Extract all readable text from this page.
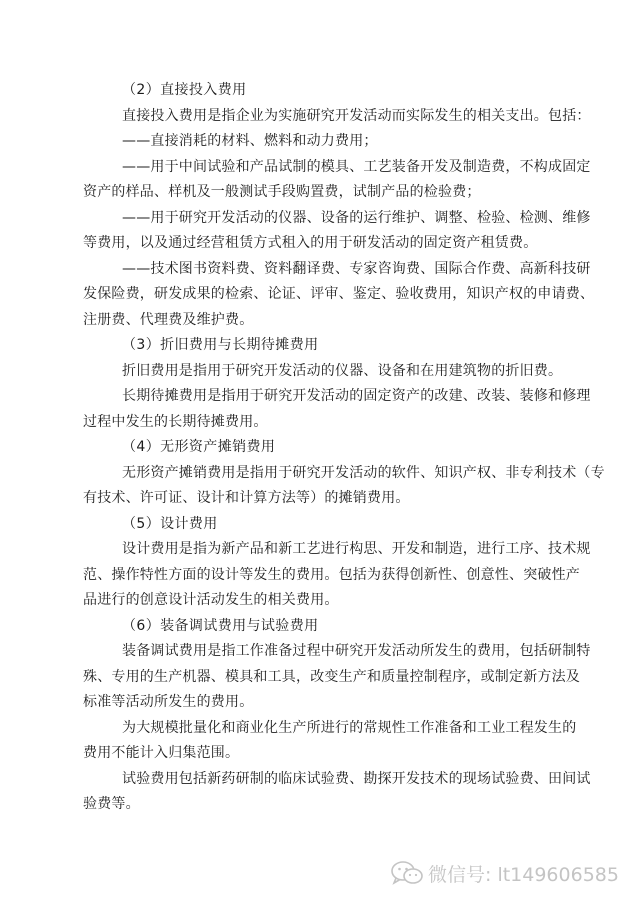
（2）直接投入费用
直接投入费用是指企业为实施研究开发活动而实际发生的相关支出。包括：
——直接消耗的材料、燃料和动力费用；
——用于中间试验和产品试制的模具、工艺装备开发及制造费，不构成固定
资产的样品、样机及一般测试手段购置费，试制产品的检验费；
——用于研究开发活动的仪器、设备的运行维护、调整、检验、检测、维修
等费用，以及通过经营租赁方式租入的用于研发活动的固定资产租赁费。
——技术图书资料费、资料翻译费、专家咨询费、国际合作费、高新科技研
发保险费，研发成果的检索、论证、评审、鉴定、验收费用，知识产权的申请费、
注册费、代理费及维护费。
（3）折旧费用与长期待摊费用
折旧费用是指用于研究开发活动的仪器、设备和在用建筑物的折旧费。
长期待摊费用是指用于研究开发活动的固定资产的改建、改装、装修和修理
过程中发生的长期待摊费用。
（4）无形资产摊销费用
无形资产摊销费用是指用于研究开发活动的软件、知识产权、非专利技术（专
有技术、许可证、设计和计算方法等）的摊销费用。
（5）设计费用
设计费用是指为新产品和新工艺进行构思、开发和制造，进行工序、技术规
范、操作特性方面的设计等发生的费用。包括为获得创新性、创意性、突破性产
品进行的创意设计活动发生的相关费用。
（6）装备调试费用与试验费用
装备调试费用是指工作准备过程中研究开发活动所发生的费用，包括研制特
殊、专用的生产机器、模具和工具，改变生产和质量控制程序，或制定新方法及
标准等活动所发生的费用。
为大规模批量化和商业化生产所进行的常规性工作准备和工业工程发生的
费用不能计入归集范围。
试验费用包括新药研制的临床试验费、勘探开发技术的现场试验费、田间试
验费等。
微信号: lt149606585
